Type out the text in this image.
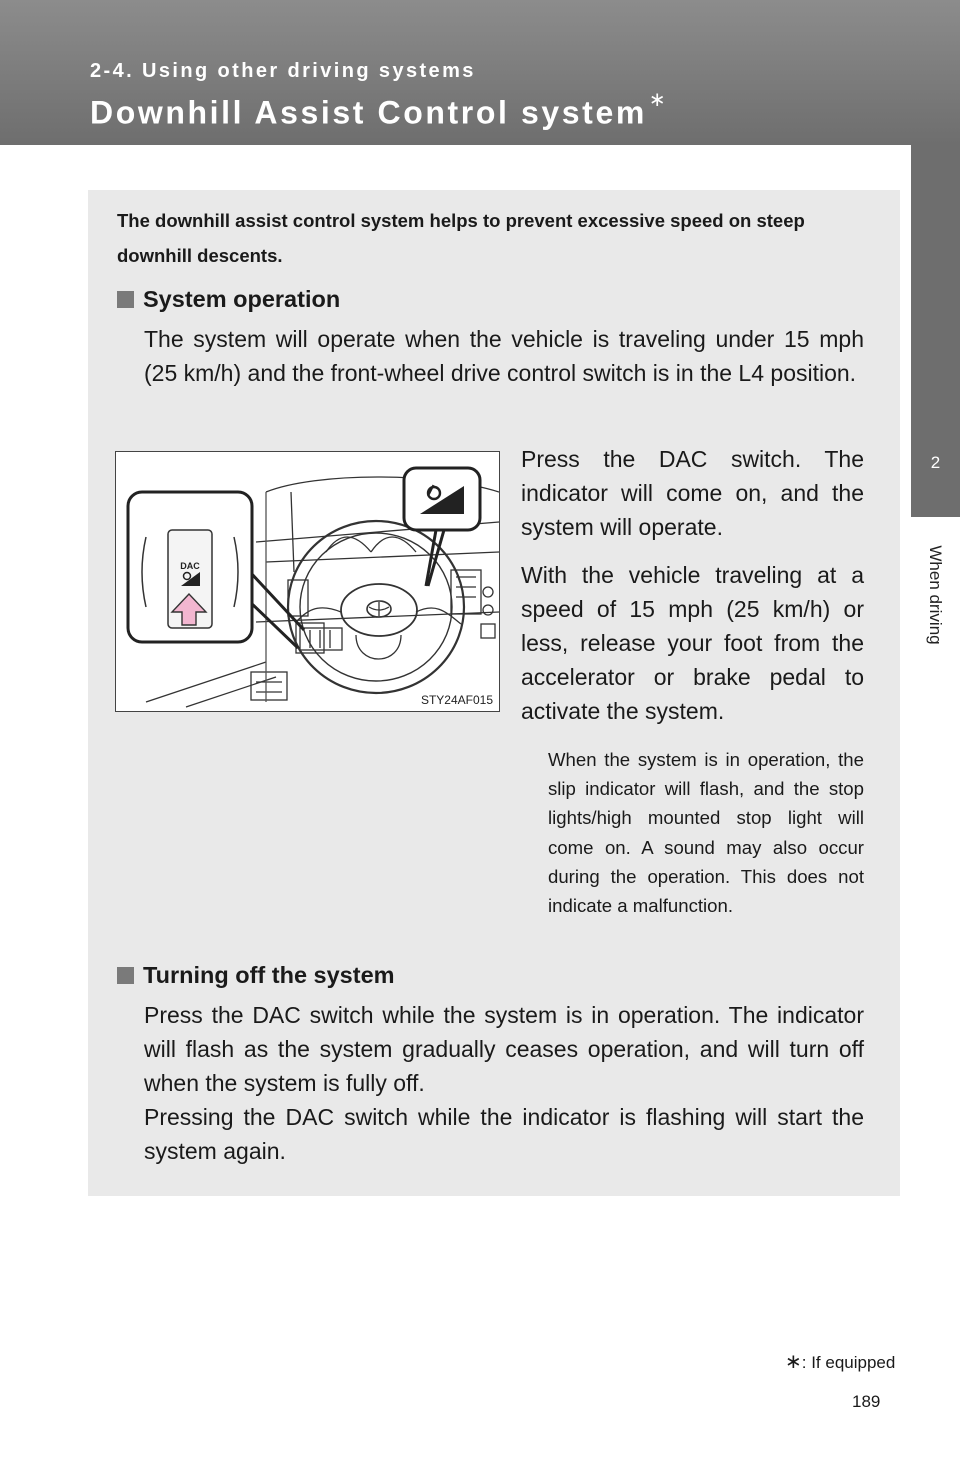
2-4. Using other driving systems
Downhill Assist Control system ∗
2
When driving
The downhill assist control system helps to prevent excessive speed on steep downhill descents.
System operation
The system will operate when the vehicle is traveling under 15 mph (25 km/h) and the front-wheel drive control switch is in the L4 position.
DAC
STY24AF015
Press the DAC switch. The indicator will come on, and the system will operate.
With the vehicle traveling at a speed of 15 mph (25 km/h) or less, release your foot from the accelerator or brake pedal to activate the system.
When the system is in operation, the slip indicator will flash, and the stop lights/high mounted stop light will come on. A sound may also occur during the operation. This does not indicate a malfunction.
Turning off the system
Press the DAC switch while the system is in operation. The indicator will flash as the system gradually ceases operation, and will turn off when the system is fully off.
Pressing the DAC switch while the indicator is flashing will start the system again.
∗: If equipped
189
